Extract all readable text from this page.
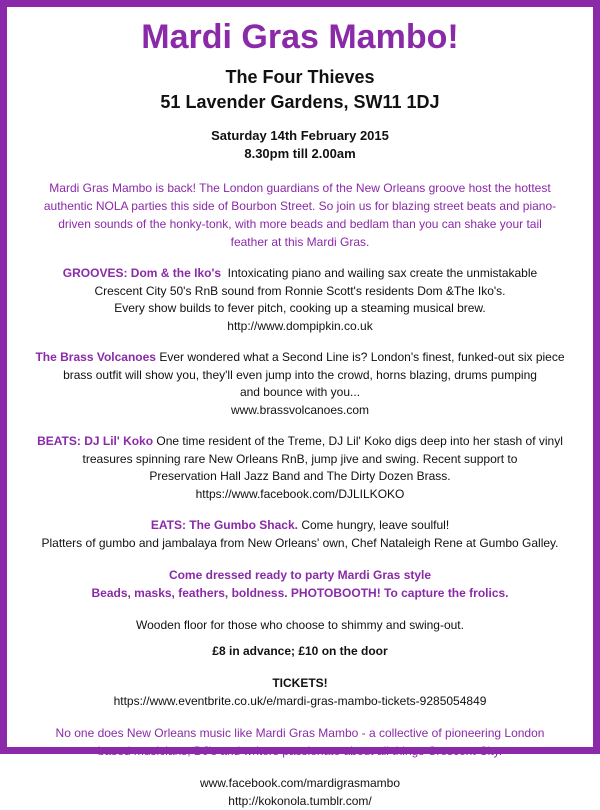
Mardi Gras Mambo!
The Four Thieves
51 Lavender Gardens, SW11 1DJ
Saturday 14th February 2015
8.30pm till 2.00am
Mardi Gras Mambo is back! The London guardians of the New Orleans groove host the hottest authentic NOLA parties this side of Bourbon Street. So join us for blazing street beats and piano-driven sounds of the honky-tonk, with more beads and bedlam than you can shake your tail feather at this Mardi Gras.
GROOVES: Dom & the Iko's Intoxicating piano and wailing sax create the unmistakable
Crescent City 50's RnB sound from Ronnie Scott's residents Dom &The Iko's.
Every show builds to fever pitch, cooking up a steaming musical brew.
http://www.dompipkin.co.uk
The Brass Volcanoes Ever wondered what a Second Line is? London's finest, funked-out six piece
brass outfit will show you, they'll even jump into the crowd, horns blazing, drums pumping
and bounce with you...
www.brassvolcanoes.com
BEATS: DJ Lil' Koko One time resident of the Treme, DJ Lil' Koko digs deep into her stash of vinyl
treasures spinning rare New Orleans RnB, jump jive and swing. Recent support to
Preservation Hall Jazz Band and The Dirty Dozen Brass.
https://www.facebook.com/DJLILKOKO
EATS: The Gumbo Shack. Come hungry, leave soulful!
Platters of gumbo and jambalaya from New Orleans' own, Chef Nataleigh Rene at Gumbo Galley.
Come dressed ready to party Mardi Gras style
Beads, masks, feathers, boldness. PHOTOBOOTH! To capture the frolics.
Wooden floor for those who choose to shimmy and swing-out.
£8 in advance; £10 on the door
TICKETS!
https://www.eventbrite.co.uk/e/mardi-gras-mambo-tickets-9285054849
No one does New Orleans music like Mardi Gras Mambo - a collective of pioneering London based musicians, DJ's and writers passionate about all things Crescent City.
www.facebook.com/mardigrasmambo
http://kokonola.tumblr.com/
